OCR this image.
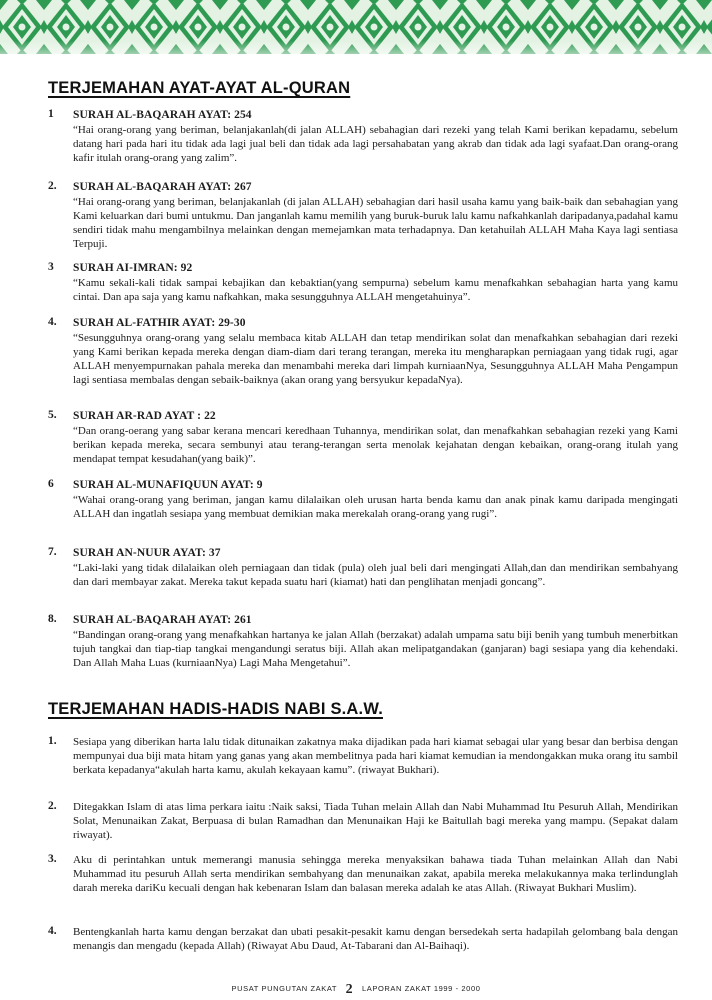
TERJEMAHAN AYAT-AYAT AL-QURAN
1 SURAH AL-BAQARAH AYAT: 254
“Hai orang-orang yang beriman, belanjakanlah(di jalan ALLAH) sebahagian dari rezeki yang telah Kami berikan kepadamu, sebelum datang hari pada hari itu tidak ada lagi jual beli dan tidak ada lagi persahabatan yang akrab dan tidak ada lagi syafaat.Dan orang-orang kafir itulah orang-orang yang zalim”.
2. SURAH AL-BAQARAH AYAT: 267
“Hai orang-orang yang beriman, belanjakanlah (di jalan ALLAH) sebahagian dari hasil usaha kamu yang baik-baik dan sebahagian yang Kami keluarkan dari bumi untukmu. Dan janganlah kamu memilih yang buruk-buruk lalu kamu nafkahkanlah daripadanya,padahal kamu sendiri tidak mahu mengambilnya melainkan dengan memejamkan mata terhadapnya. Dan ketahuilah ALLAH Maha Kaya lagi sentiasa Terpuji.
3 SURAH AI-IMRAN: 92
“Kamu sekali-kali tidak sampai kebajikan dan kebaktian(yang sempurna) sebelum kamu menafkahkan sebahagian harta yang kamu cintai. Dan apa saja yang kamu nafkahkan, maka sesungguhnya ALLAH mengetahuinya”.
4. SURAH AL-FATHIR AYAT: 29-30
“Sesungguhnya orang-orang yang selalu membaca kitab ALLAH dan tetap mendirikan solat dan menafkahkan sebahagian dari rezeki yang Kami berikan kepada mereka dengan diam-diam dari terang terangan, mereka itu mengharapkan perniagaan yang tidak rugi, agar ALLAH menyempurnakan pahala mereka dan menambahi mereka dari limpah kurniaanNya, Sesungguhnya ALLAH Maha Pengampun lagi sentiasa membalas dengan sebaik-baiknya (akan orang yang bersyukur kepadaNya).
5. SURAH AR-RAD AYAT : 22
“Dan orang-oerang yang sabar kerana mencari keredhaan Tuhannya, mendirikan solat, dan menafkahkan sebahagian rezeki yang Kami berikan kepada mereka, secara sembunyi atau terang-terangan serta menolak kejahatan dengan kebaikan, orang-orang itulah yang mendapat tempat kesudahan(yang baik)”.
6 SURAH AL-MUNAFIQUUN AYAT: 9
“Wahai orang-orang yang beriman, jangan kamu dilalaikan oleh urusan harta benda kamu dan anak pinak kamu daripada mengingati ALLAH dan ingatlah sesiapa yang membuat demikian maka merekalah orang-orang yang rugi”.
7. SURAH AN-NUUR AYAT: 37
“Laki-laki yang tidak dilalaikan oleh perniagaan dan tidak (pula) oleh jual beli dari mengingati Allah,dan dan mendirikan sembahyang dan dari membayar zakat. Mereka takut kepada suatu hari (kiamat) hati dan penglihatan menjadi goncang”.
8. SURAH AL-BAQARAH AYAT: 261
“Bandingan orang-orang yang menafkahkan hartanya ke jalan Allah (berzakat) adalah umpama satu biji benih yang tumbuh menerbitkan tujuh tangkai dan tiap-tiap tangkai mengandungi seratus biji. Allah akan melipatgandakan (ganjaran) bagi sesiapa yang dia kehendaki. Dan Allah Maha Luas (kurniaanNya) Lagi Maha Mengetahui”.
TERJEMAHAN HADIS-HADIS NABI S.A.W.
1. Sesiapa yang diberikan harta lalu tidak ditunaikan zakatnya maka dijadikan pada hari kiamat sebagai ular yang besar dan berbisa dengan mempunyai dua biji mata hitam yang ganas yang akan membelitnya pada hari kiamat kemudian ia mendongakkan muka orang itu sambil berkata kepadanya“akulah harta kamu, akulah kekayaan kamu”. (riwayat Bukhari).
2. Ditegakkan Islam di atas lima perkara iaitu :Naik saksi, Tiada Tuhan melain Allah dan Nabi Muhammad Itu Pesuruh Allah, Mendirikan Solat, Menunaikan Zakat, Berpuasa di bulan Ramadhan dan Menunaikan Haji ke Baitullah bagi mereka yang mampu. (Sepakat dalam riwayat).
3. Aku di perintahkan untuk memerangi manusia sehingga mereka menyaksikan bahawa tiada Tuhan melainkan Allah dan Nabi Muhammad itu pesuruh Allah serta mendirikan sembahyang dan menunaikan zakat, apabila mereka melakukannya maka terlindunglah darah mereka dariKu kecuali dengan hak kebenaran Islam dan balasan mereka adalah ke atas Allah. (Riwayat Bukhari Muslim).
4. Bentengkanlah harta kamu dengan berzakat dan ubati pesakit-pesakit kamu dengan bersedekah serta hadapilah gelombang bala dengan menangis dan mengadu (kepada Allah) (Riwayat Abu Daud, At-Tabarani dan Al-Baihaqi).
PUSAT PUNGUTAN ZAKAT 2 LAPORAN ZAKAT 1999 - 2000
